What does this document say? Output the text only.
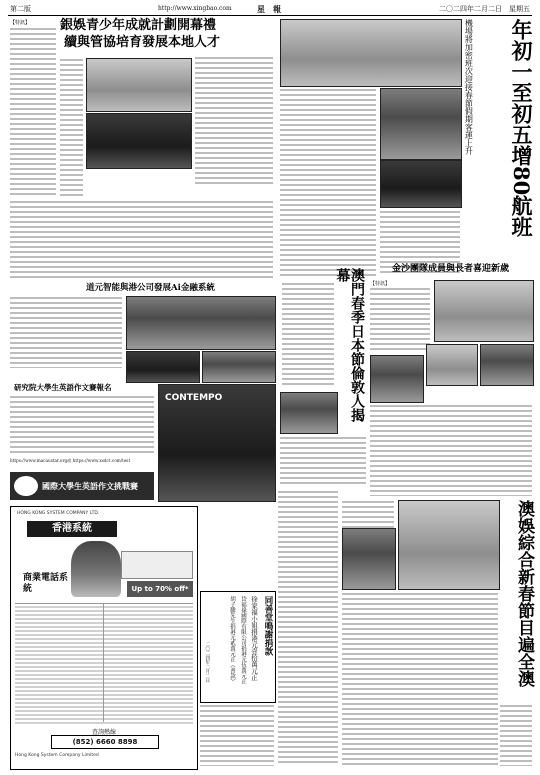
第二版	星　報
http://www.xingbao.com	二〇二四年二月二日　 星期五
【特訊】	銀娛青少年成就計劃開幕禮
續與管協培育發展本地人才
道元智能與港公司發展Ai金融系統
研究院大學生英語作文賽報名
https://www.macaustar.org或 https://www.xsdct.com/test
國際大學生英語作文挑戰賽
CONTEMPO
年初一至初五增80航班
機場將加密班次迎接春節假期客運上升
澳門春季日本節倫敦人揭幕	金沙團隊成員與長者喜迎新歲
【特訊】
澳娛綜合新春節目遍全澳
同善堂鳴謝捐款
徐家福小姐捐港元壹拾萬元正
岱福祿國際有限公司捐港元伍萬元正
胡子騰先生捐港元貳萬元正（善款）
二〇二四年二月二日
HONG KONG SYSTEM COMPANY LTD.
香港系統
商業電話系統	Up to 70% off*
查詢熱線
(852) 6660 8898
Hong Kong System Company Limited
